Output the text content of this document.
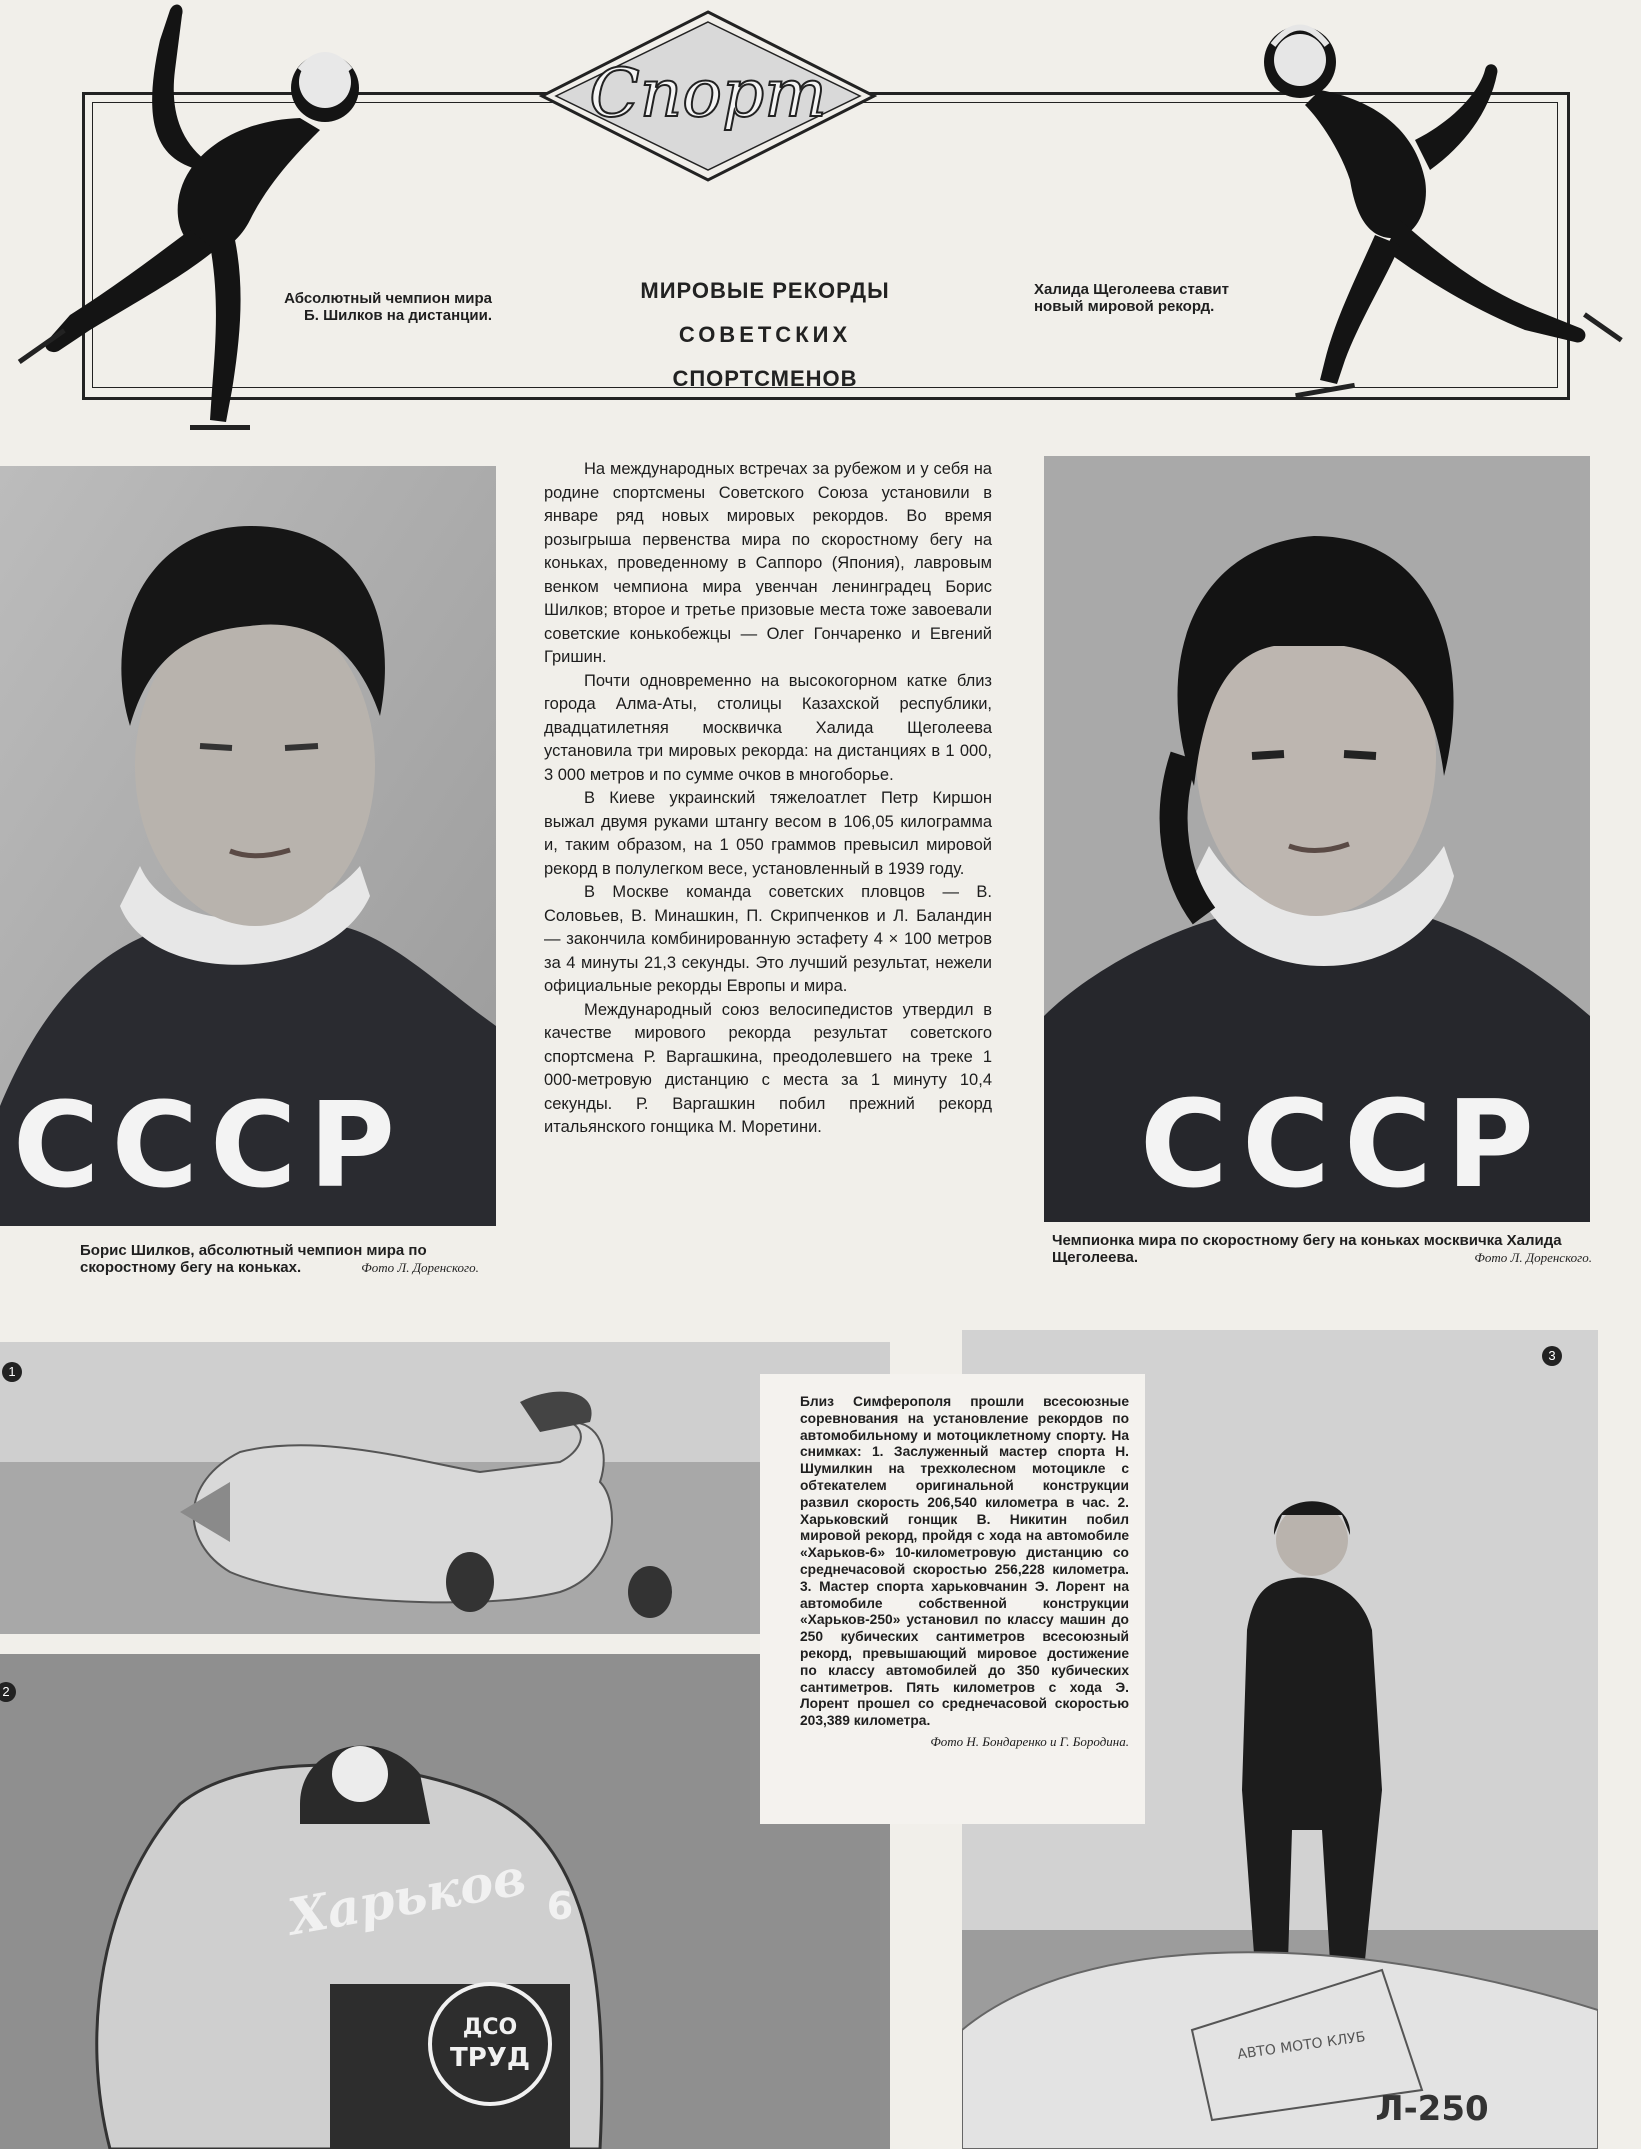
Спорт
Абсолютный чемпион мира
Б. Шилков на дистанции.
Халида Щеголеева ставит
новый мировой рекорд.
МИРОВЫЕ РЕКОРДЫ
СОВЕТСКИХ
СПОРТСМЕНОВ
СССР
Борис Шилков, абсолютный чемпион мира по скоростному бегу на коньках.	Фото Л. Доренского.
СССР
Чемпионка мира по скоростному бегу на коньках москвичка Халида Щеголеева.	Фото Л. Доренского.

На международных встречах за рубежом и у себя на родине спортсмены Советского Союза установили в январе ряд новых мировых рекордов. Во время розыгрыша первенства мира по скоростному бегу на коньках, проведенному в Саппоро (Япония), лавровым венком чемпиона мира увенчан ленинградец Борис Шилков; второе и третье призовые места тоже завоевали советские конькобежцы — Олег Гончаренко и Евгений Гришин.

Почти одновременно на высокогорном катке близ города Алма-Аты, столицы Казахской республики, двадцатилетняя москвичка Халида Щеголеева установила три мировых рекорда: на дистанциях в 1 000, 3 000 метров и по сумме очков в многоборье.

В Киеве украинский тяжелоатлет Петр Киршон выжал двумя руками штангу весом в 106,05 килограмма и, таким образом, на 1 050 граммов превысил мировой рекорд в полулегком весе, установленный в 1939 году.

В Москве команда советских пловцов — В. Соловьев, В. Минашкин, П. Скрипченков и Л. Баландин — закончила комбинированную эстафету 4 × 100 метров за 4 минуты 21,3 секунды. Это лучший результат, нежели официальные рекорды Европы и мира.

Международный союз велосипедистов утвердил в качестве мирового рекорда результат советского спортсмена Р. Варгашкина, преодолевшего на треке 1 000-метровую дистанцию с места за 1 минуту 10,4 секунды. Р. Варгашкин побил прежний рекорд итальянского гонщика М. Моретини.

1
Харьков 6
ДСО
ТРУД
2
АВТО МОТО КЛУБ
Л-250
3
Близ Симферополя прошли всесоюзные соревнования на установление рекордов по автомобильному и мотоциклетному спорту. На снимках: 1. Заслуженный мастер спорта Н. Шумилкин на трехколесном мотоцикле с обтекателем оригинальной конструкции развил скорость 206,540 километра в час. 2. Харьковский гонщик В. Никитин побил мировой рекорд, пройдя с хода на автомобиле «Харьков-6» 10-километровую дистанцию со среднечасовой скоростью 256,228 километра. 3. Мастер спорта харьковчанин Э. Лорент на автомобиле собственной конструкции «Харьков-250» установил по классу машин до 250 кубических сантиметров всесоюзный рекорд, превышающий мировое достижение по классу автомобилей до 350 кубических сантиметров. Пять километров с хода Э. Лорент прошел со среднечасовой скоростью 203,389 километра.
Фото Н. Бондаренко и Г. Бородина.
